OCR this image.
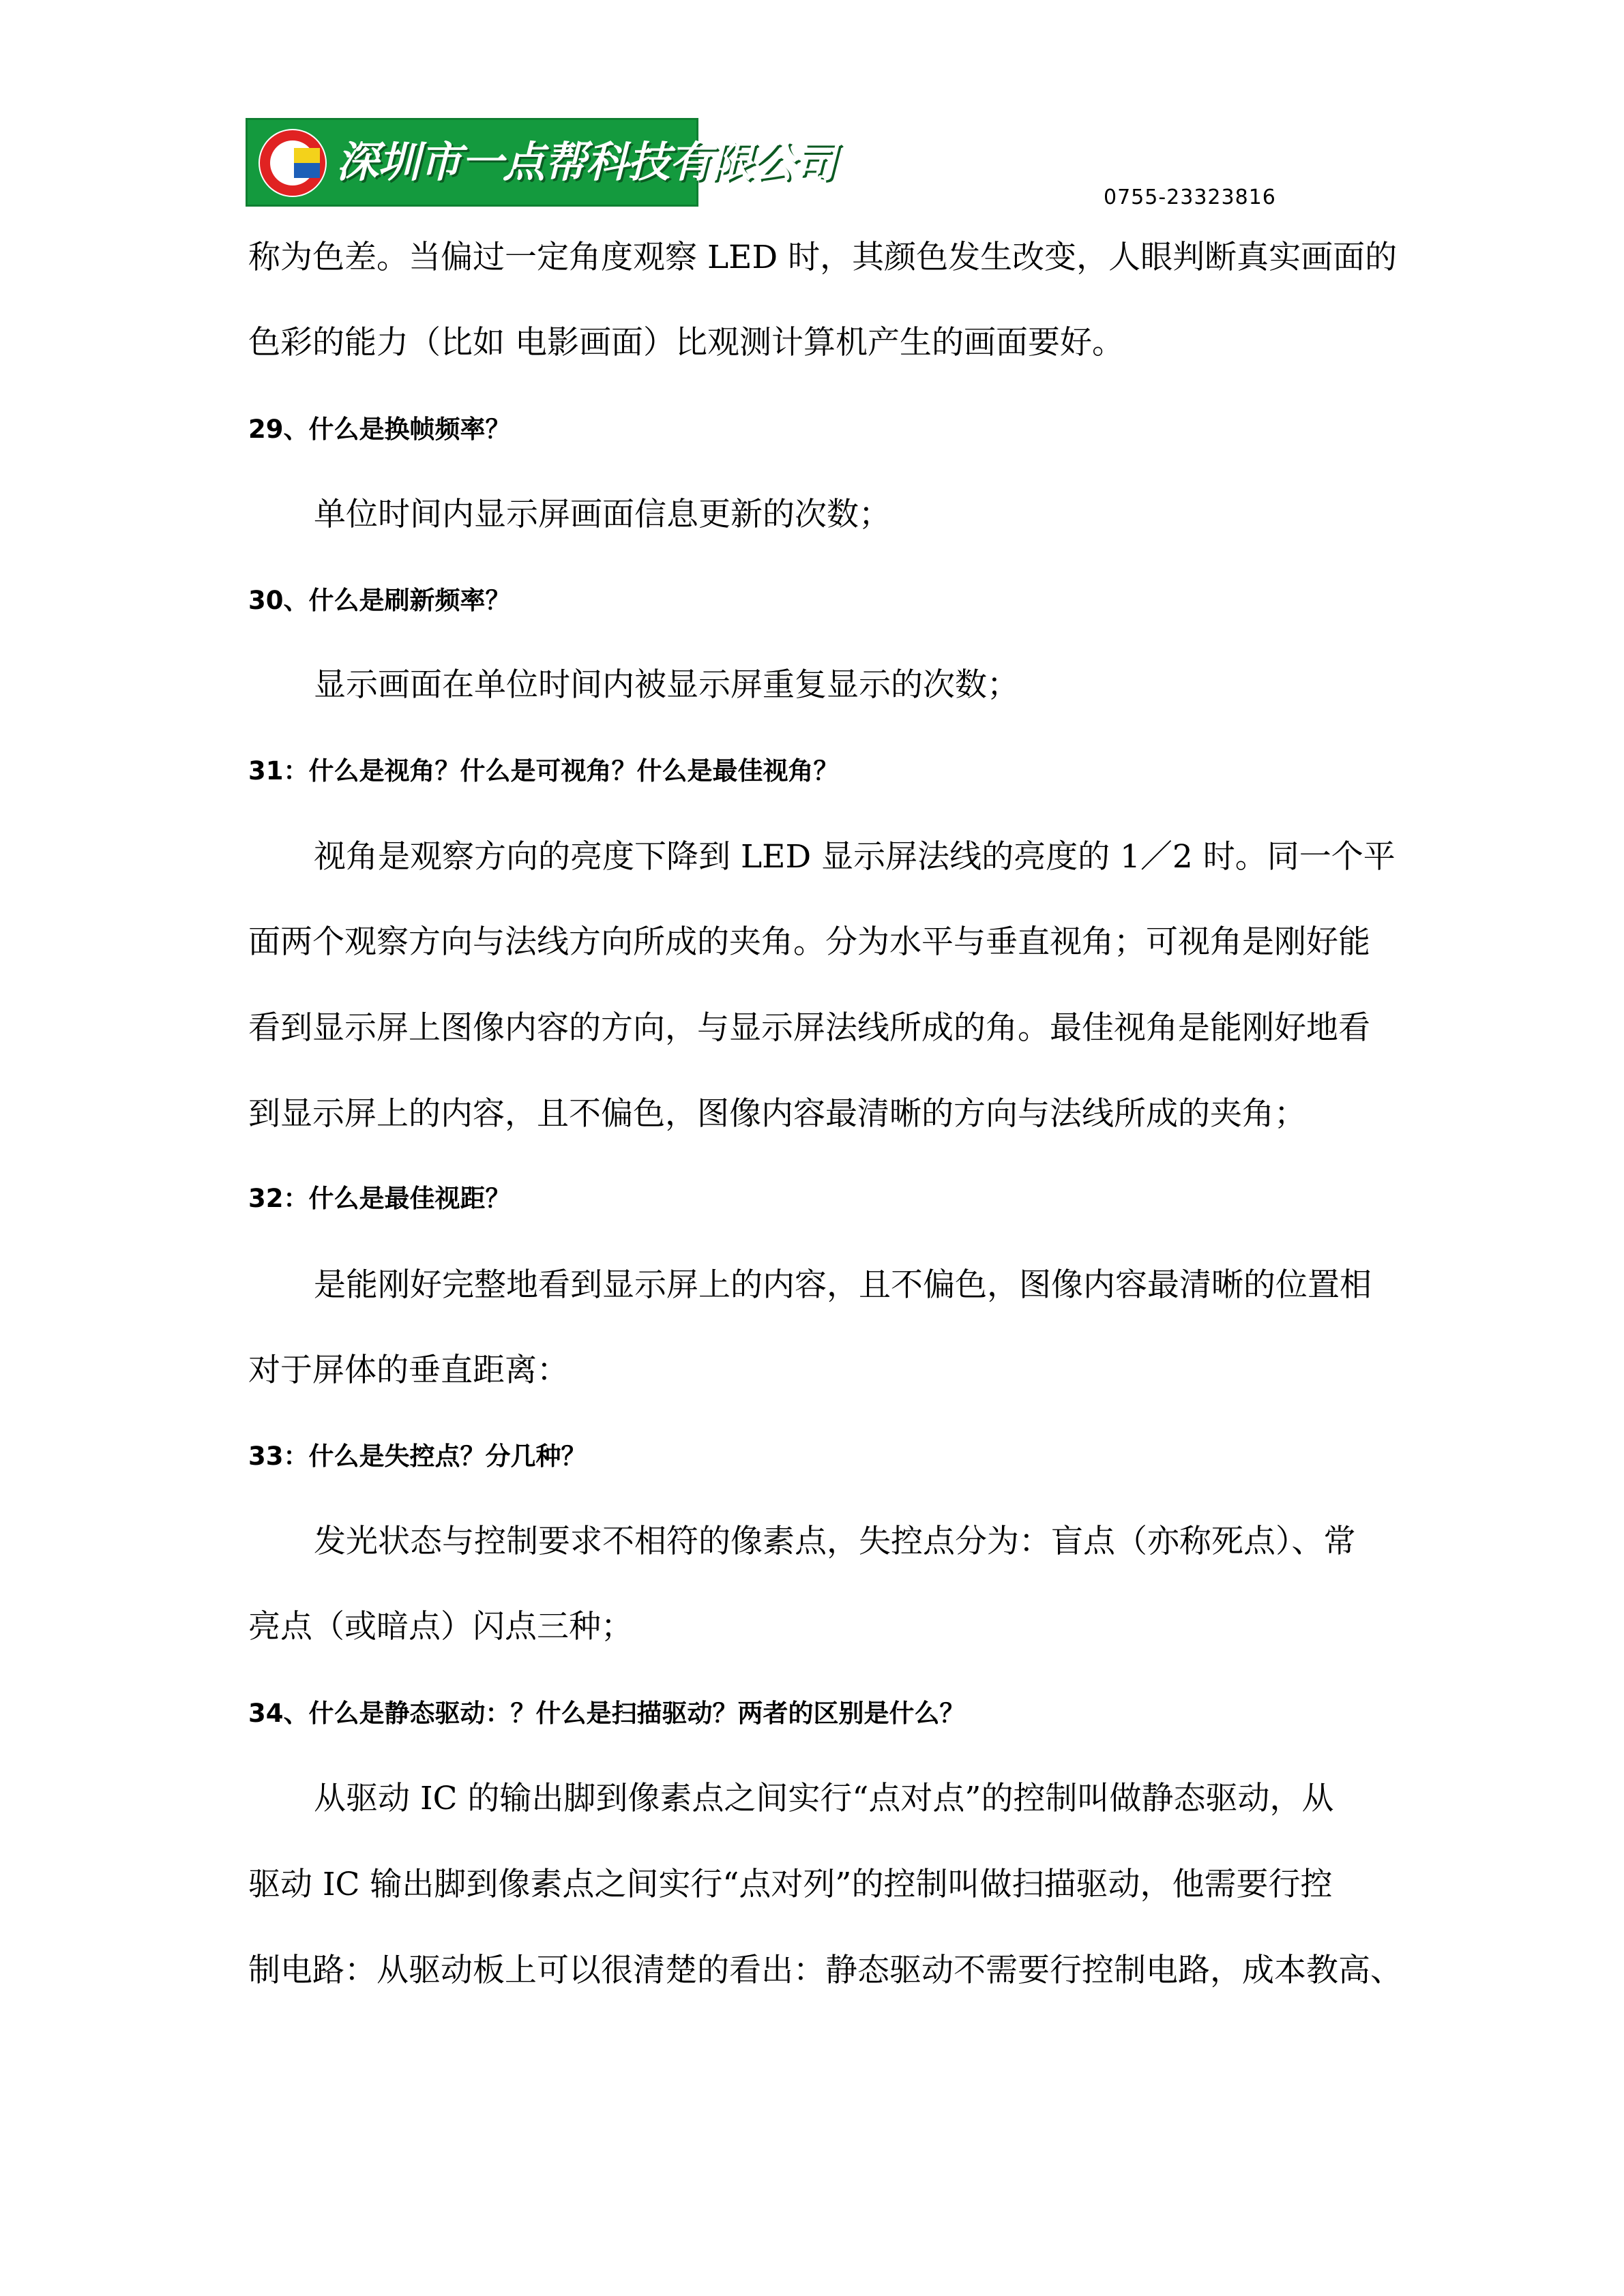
深圳市一点帮科技有限公司
0755-23323816
称为色差。当偏过一定角度观察 LED 时，其颜色发生改变，人眼判断真实画面的
色彩的能力（比如 电影画面）比观测计算机产生的画面要好。
29、什么是换帧频率？
单位时间内显示屏画面信息更新的次数；
30、什么是刷新频率？
显示画面在单位时间内被显示屏重复显示的次数；
31：什么是视角？什么是可视角？什么是最佳视角？
视角是观察方向的亮度下降到 LED 显示屏法线的亮度的 1／2 时。同一个平
面两个观察方向与法线方向所成的夹角。分为水平与垂直视角；可视角是刚好能
看到显示屏上图像内容的方向，与显示屏法线所成的角。最佳视角是能刚好地看
到显示屏上的内容，且不偏色，图像内容最清晰的方向与法线所成的夹角；
32：什么是最佳视距？
是能刚好完整地看到显示屏上的内容，且不偏色，图像内容最清晰的位置相
对于屏体的垂直距离：
33：什么是失控点？分几种？
发光状态与控制要求不相符的像素点，失控点分为：盲点（亦称死点）、常
亮点（或暗点）闪点三种；
34、什么是静态驱动：？什么是扫描驱动？两者的区别是什么？
从驱动 IC 的输出脚到像素点之间实行“点对点”的控制叫做静态驱动，从
驱动 IC 输出脚到像素点之间实行“点对列”的控制叫做扫描驱动，他需要行控
制电路：从驱动板上可以很清楚的看出：静态驱动不需要行控制电路，成本教高、
